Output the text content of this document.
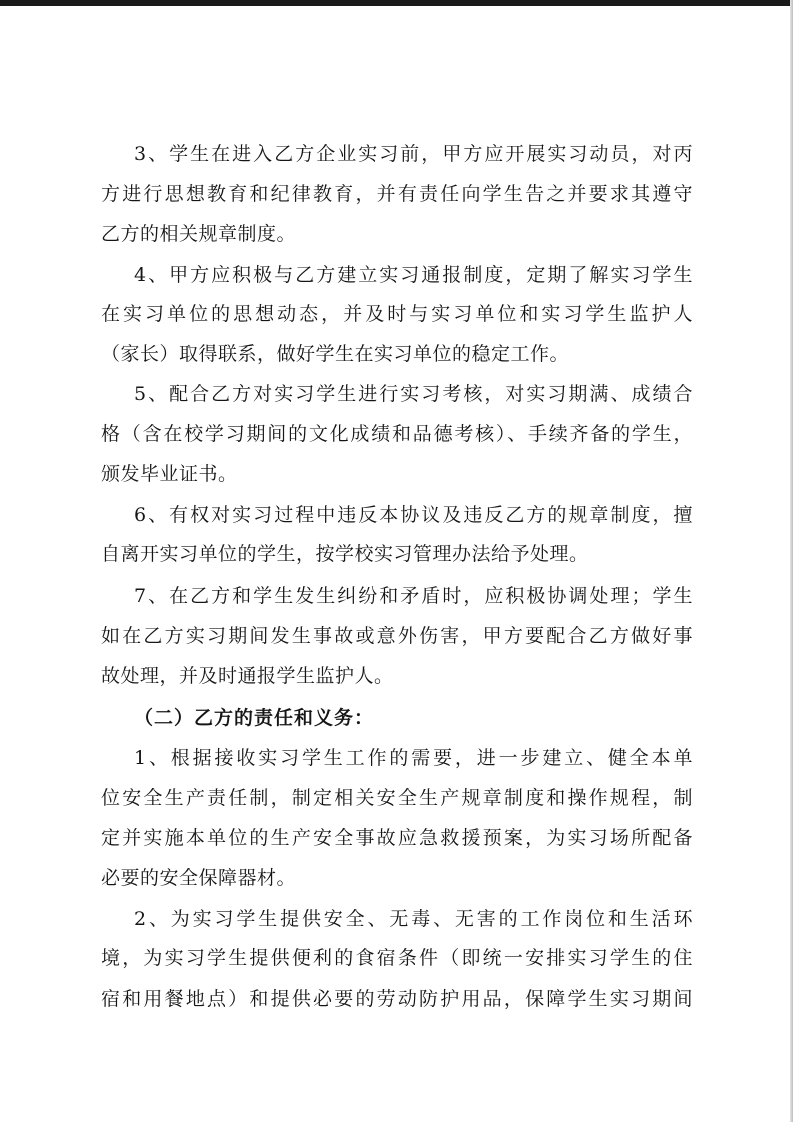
3、学生在进入乙方企业实习前，甲方应开展实习动员，对丙
方进行思想教育和纪律教育，并有责任向学生告之并要求其遵守
乙方的相关规章制度。
4、甲方应积极与乙方建立实习通报制度，定期了解实习学生
在实习单位的思想动态，并及时与实习单位和实习学生监护人
（家长）取得联系，做好学生在实习单位的稳定工作。
5、配合乙方对实习学生进行实习考核，对实习期满、成绩合
格（含在校学习期间的文化成绩和品德考核）、手续齐备的学生，
颁发毕业证书。
6、有权对实习过程中违反本协议及违反乙方的规章制度，擅
自离开实习单位的学生，按学校实习管理办法给予处理。
7、在乙方和学生发生纠纷和矛盾时，应积极协调处理；学生
如在乙方实习期间发生事故或意外伤害，甲方要配合乙方做好事
故处理，并及时通报学生监护人。
（二）乙方的责任和义务：
1、根据接收实习学生工作的需要，进一步建立、健全本单
位安全生产责任制，制定相关安全生产规章制度和操作规程，制
定并实施本单位的生产安全事故应急救援预案，为实习场所配备
必要的安全保障器材。
2、为实习学生提供安全、无毒、无害的工作岗位和生活环
境，为实习学生提供便利的食宿条件（即统一安排实习学生的住
宿和用餐地点）和提供必要的劳动防护用品，保障学生实习期间
